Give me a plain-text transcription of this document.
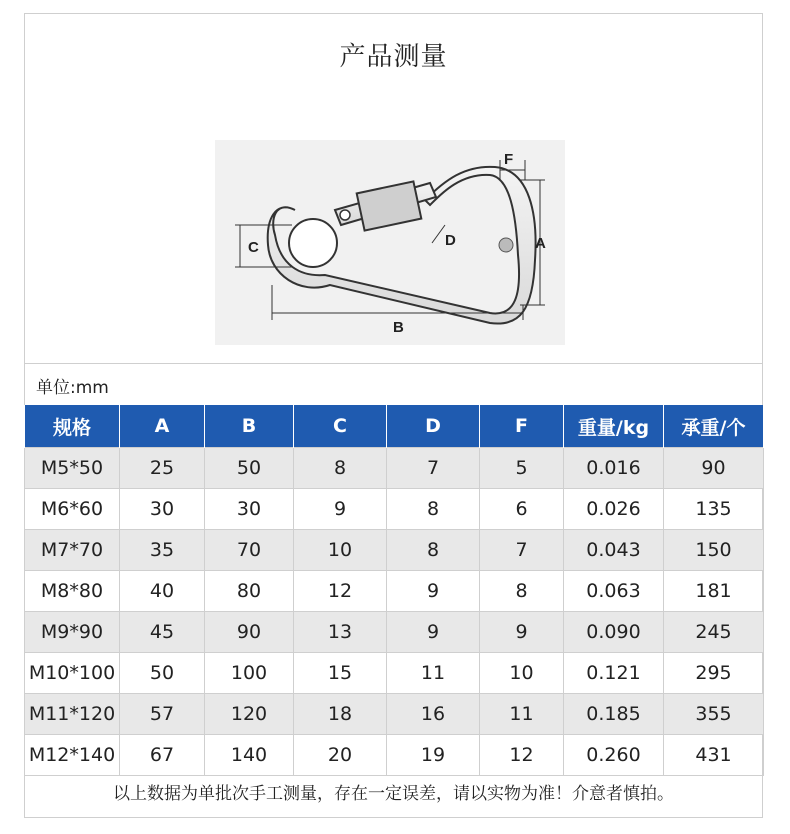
产品测量
C	A
B
D
F
单位:mm
规格	A	B	C	D	F	重量/kg	承重/个
M5*50	25	50	8	7	5	0.016	90
M6*60	30	30	9	8	6	0.026	135
M7*70	35	70	10	8	7	0.043	150
M8*80	40	80	12	9	8	0.063	181
M9*90	45	90	13	9	9	0.090	245
M10*100	50	100	15	11	10	0.121	295
M11*120	57	120	18	16	11	0.185	355
M12*140	67	140	20	19	12	0.260	431
以上数据为单批次手工测量，存在一定误差，请以实物为准！介意者慎拍。
